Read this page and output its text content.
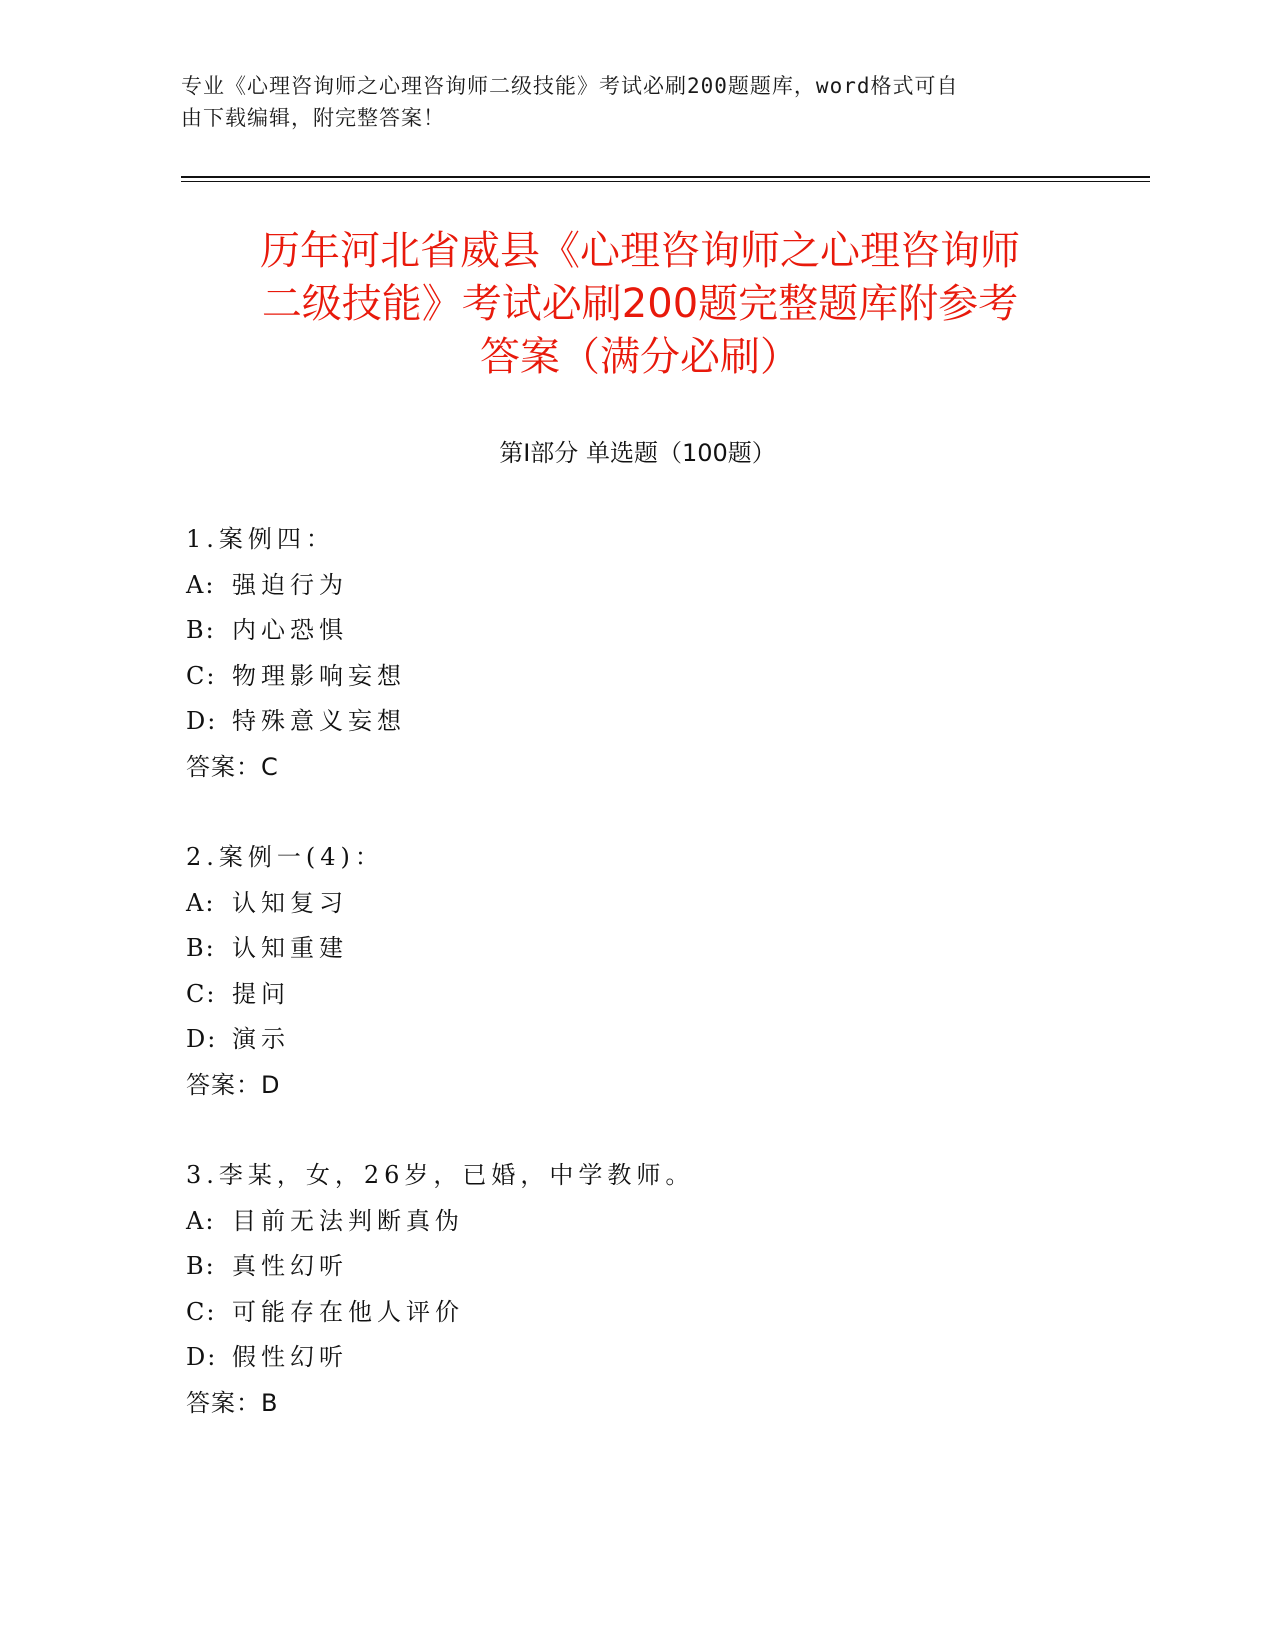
专业《心理咨询师之心理咨询师二级技能》考试必刷200题题库，word格式可自
由下载编辑，附完整答案！
历年河北省威县《心理咨询师之心理咨询师
二级技能》考试必刷200题完整题库附参考
答案（满分必刷）
第I部分 单选题（100题）
1.案例四：
A: 强迫行为
B: 内心恐惧
C: 物理影响妄想
D: 特殊意义妄想
答案：C
2.案例一(4)：
A: 认知复习
B: 认知重建
C: 提问
D: 演示
答案：D
3.李某，女，26岁，已婚，中学教师。
A: 目前无法判断真伪
B: 真性幻听
C: 可能存在他人评价
D: 假性幻听
答案：B
